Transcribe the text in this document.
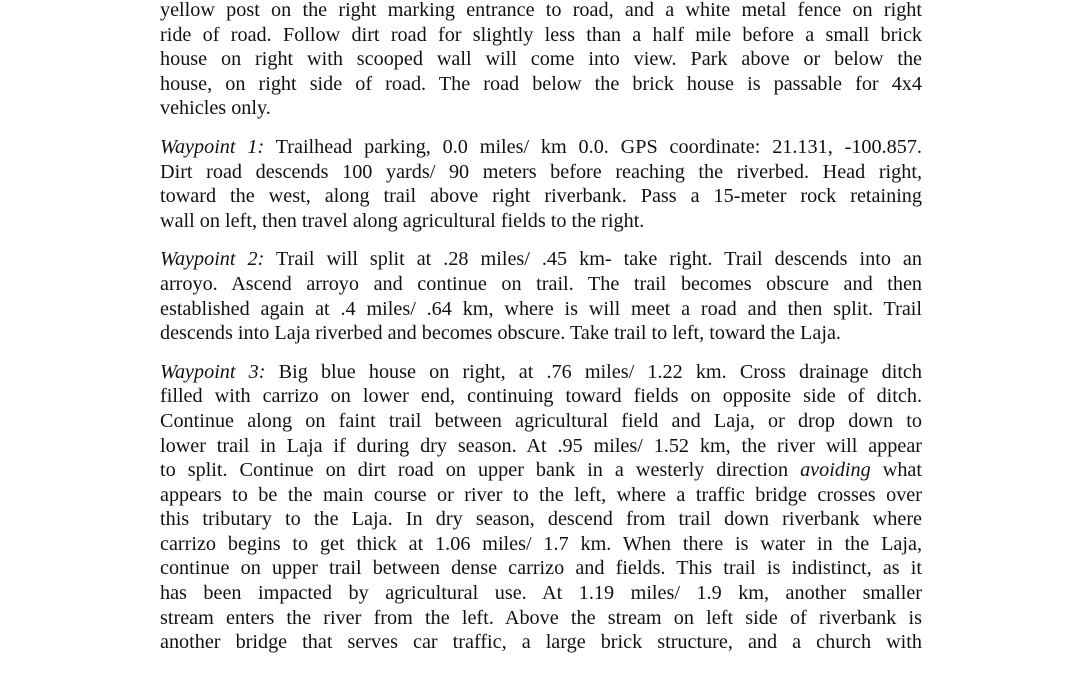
yellow post on the right marking entrance to road, and a white metal fence on right
ride of road. Follow dirt road for slightly less than a half mile before a small brick
house on right with scooped wall will come into view. Park above or below the
house, on right side of road. The road below the brick house is passable for 4x4
vehicles only.
Waypoint 1: Trailhead parking, 0.0 miles/ km 0.0. GPS coordinate: 21.131, -100.857.
Dirt road descends 100 yards/ 90 meters before reaching the riverbed. Head right,
toward the west, along trail above right riverbank. Pass a 15-meter rock retaining
wall on left, then travel along agricultural fields to the right.
Waypoint 2: Trail will split at .28 miles/ .45 km- take right. Trail descends into an
arroyo. Ascend arroyo and continue on trail. The trail becomes obscure and then
established again at .4 miles/ .64 km, where is will meet a road and then split. Trail
descends into Laja riverbed and becomes obscure. Take trail to left, toward the Laja.
Waypoint 3: Big blue house on right, at .76 miles/ 1.22 km. Cross drainage ditch
filled with carrizo on lower end, continuing toward fields on opposite side of ditch.
Continue along on faint trail between agricultural field and Laja, or drop down to
lower trail in Laja if during dry season. At .95 miles/ 1.52 km, the river will appear
to split. Continue on dirt road on upper bank in a westerly direction avoiding what
appears to be the main course or river to the left, where a traffic bridge crosses over
this tributary to the Laja. In dry season, descend from trail down riverbank where
carrizo begins to get thick at 1.06 miles/ 1.7 km. When there is water in the Laja,
continue on upper trail between dense carrizo and fields. This trail is indistinct, as it
has been impacted by agricultural use. At 1.19 miles/ 1.9 km, another smaller
stream enters the river from the left. Above the stream on left side of riverbank is
another bridge that serves car traffic, a large brick structure, and a church with
